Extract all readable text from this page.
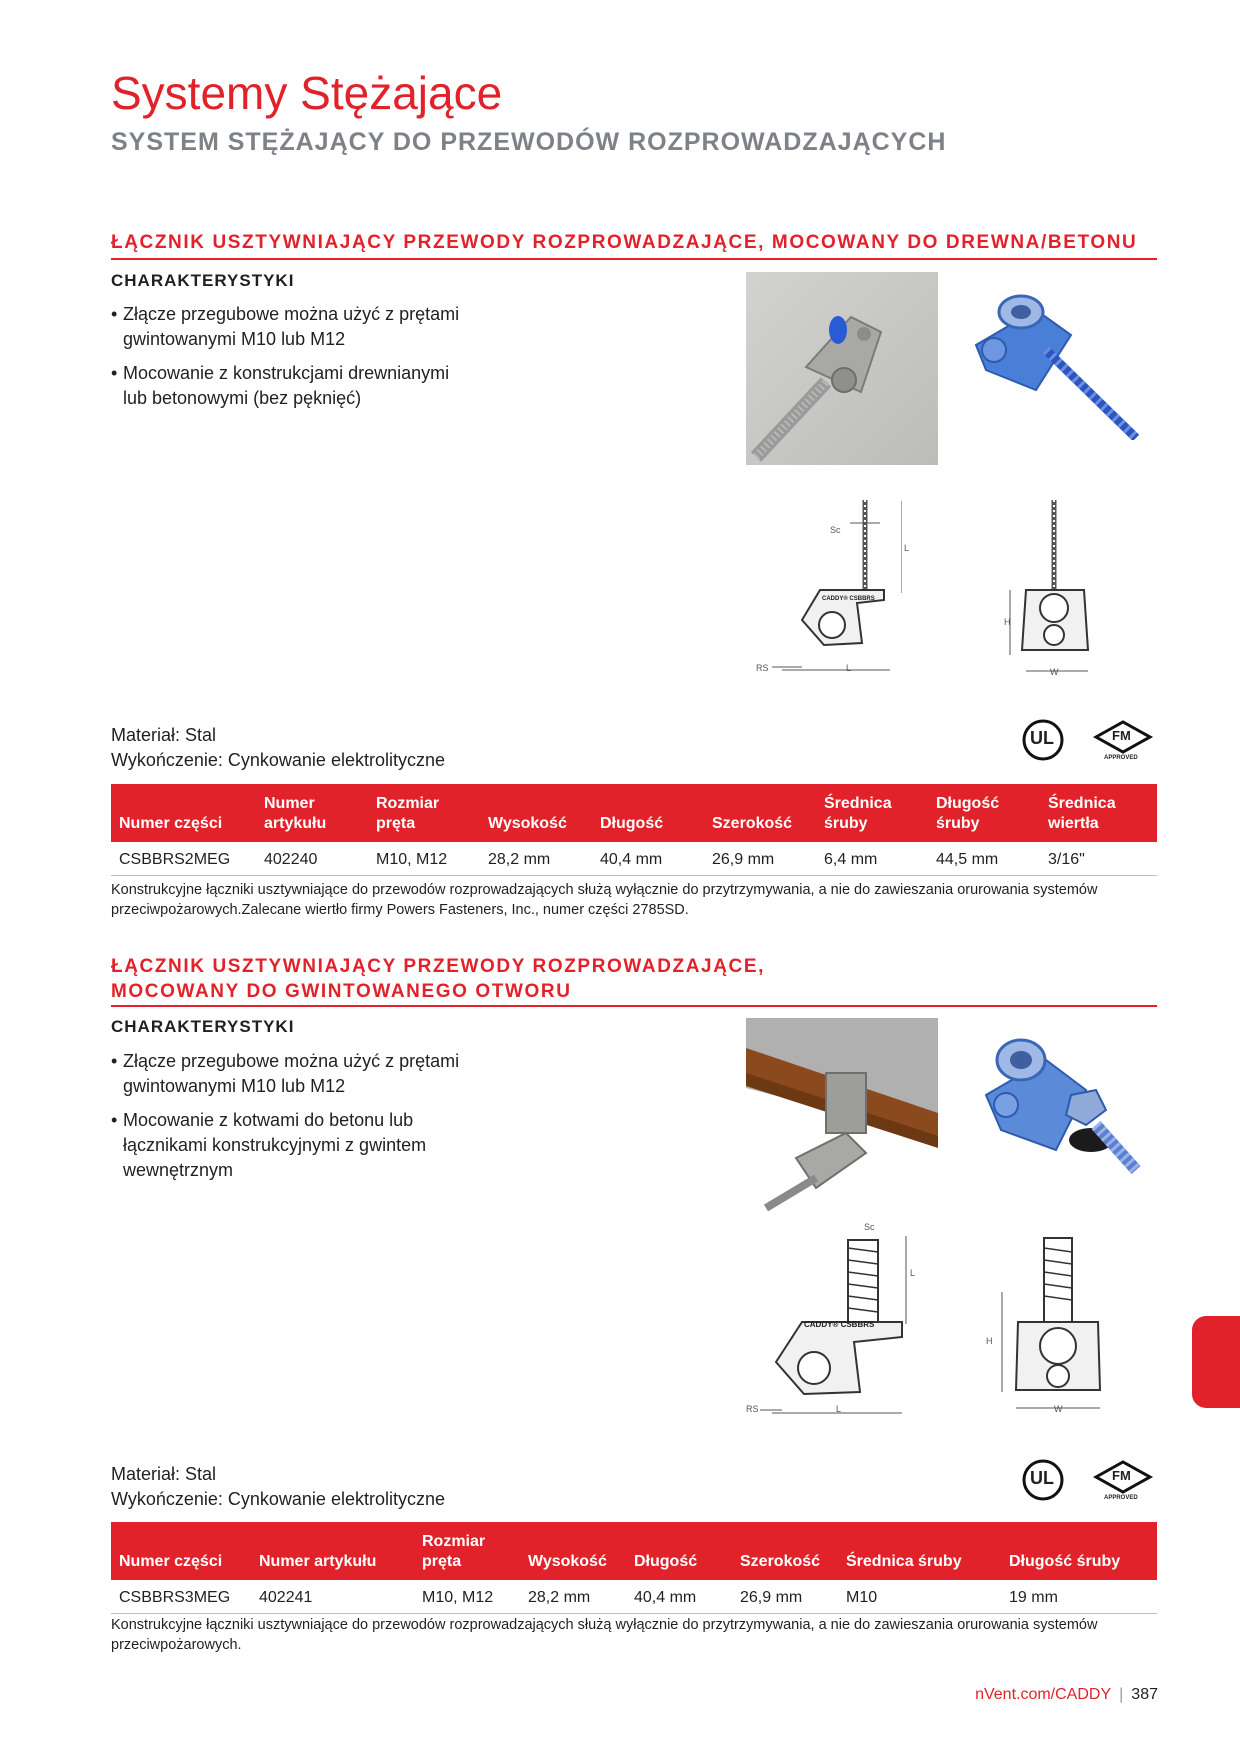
Systemy Stężające
SYSTEM STĘŻAJĄCY DO PRZEWODÓW ROZPROWADZAJĄCYCH
ŁĄCZNIK USZTYWNIAJĄCY PRZEWODY ROZPROWADZAJĄCE, MOCOWANY DO DREWNA/BETONU
CHARAKTERYSTYKI
• Złącze przegubowe można użyć z prętami gwintowanymi M10 lub M12
• Mocowanie z konstrukcjami drewnianymi lub betonowymi (bez pęknięć)
Sc
L
CADDY® CSBBRS
RS	L
H
W
Materiał: Stal
Wykończenie: Cynkowanie elektrolityczne
UL	FM
APPROVED
Numer części	Numer artykułu	Rozmiar pręta	Wysokość	Długość	Szerokość	Średnica śruby	Długość śruby	Średnica wiertła
CSBBRS2MEG	402240	M10, M12	28,2 mm	40,4 mm	26,9 mm	6,4 mm	44,5 mm	3/16"
Konstrukcyjne łączniki usztywniające do przewodów rozprowadzających służą wyłącznie do przytrzymywania, a nie do zawieszania orurowania systemów przeciwpożarowych.Zalecane wiertło firmy Powers Fasteners, Inc., numer części 2785SD.
ŁĄCZNIK USZTYWNIAJĄCY PRZEWODY ROZPROWADZAJĄCE,
MOCOWANY DO GWINTOWANEGO OTWORU
CHARAKTERYSTYKI
• Złącze przegubowe można użyć z prętami gwintowanymi M10 lub M12
• Mocowanie z kotwami do betonu lub łącznikami konstrukcyjnymi z gwintem wewnętrznym
Sc
L
CADDY® CSBBRS
RS	L
H
W
Materiał: Stal
Wykończenie: Cynkowanie elektrolityczne
UL	FM
APPROVED
Numer części	Numer artykułu	Rozmiar pręta	Wysokość	Długość	Szerokość	Średnica śruby	Długość śruby
CSBBRS3MEG	402241	M10, M12	28,2 mm	40,4 mm	26,9 mm	M10	19 mm
Konstrukcyjne łączniki usztywniające do przewodów rozprowadzających służą wyłącznie do przytrzymywania, a nie do zawieszania orurowania systemów przeciwpożarowych.
nVent.com/CADDY | 387
